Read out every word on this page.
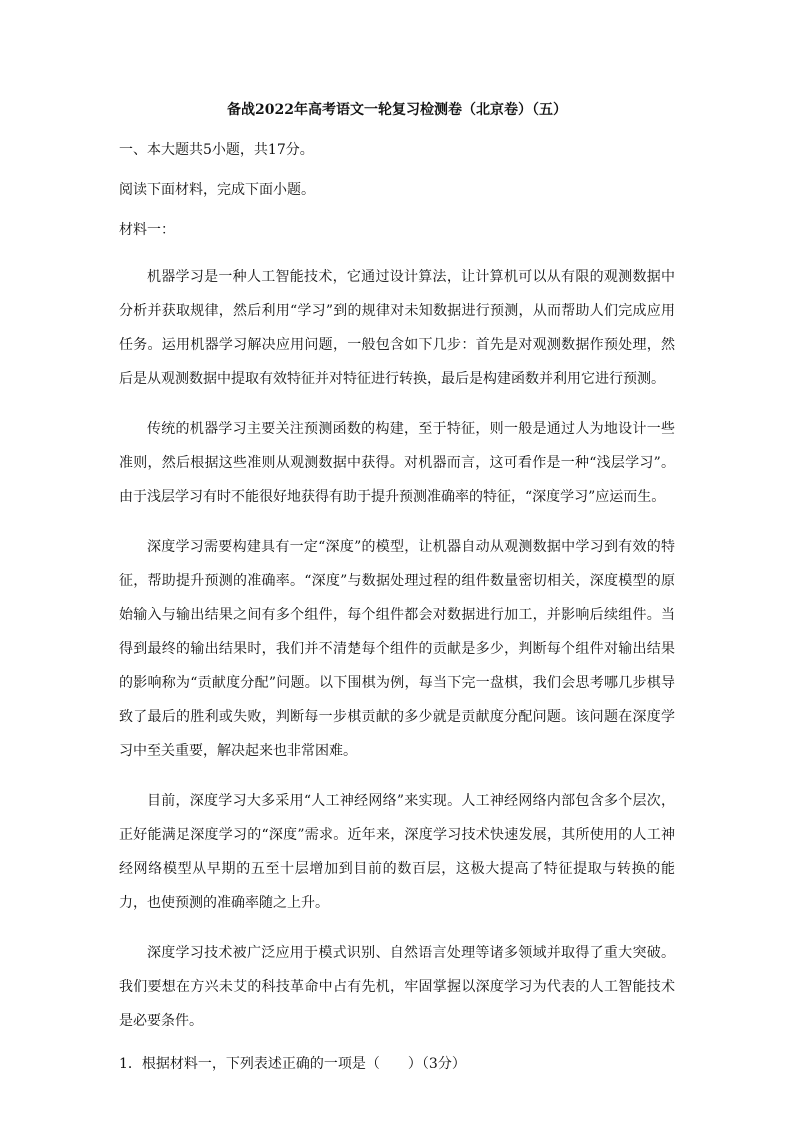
备战2022年高考语文一轮复习检测卷（北京卷）（五）
一、本大题共5小题，共17分。
阅读下面材料，完成下面小题。
材料一：

机器学习是一种人工智能技术，它通过设计算法，让计算机可以从有限的观测数据中分析并获取规律，然后利用“学习”到的规律对未知数据进行预测，从而帮助人们完成应用任务。运用机器学习解决应用问题，一般包含如下几步：首先是对观测数据作预处理，然后是从观测数据中提取有效特征并对特征进行转换，最后是构建函数并利用它进行预测。

传统的机器学习主要关注预测函数的构建，至于特征，则一般是通过人为地设计一些准则，然后根据这些准则从观测数据中获得。对机器而言，这可看作是一种“浅层学习”。由于浅层学习有时不能很好地获得有助于提升预测准确率的特征，“深度学习”应运而生。

深度学习需要构建具有一定“深度”的模型，让机器自动从观测数据中学习到有效的特征，帮助提升预测的准确率。“深度”与数据处理过程的组件数量密切相关，深度模型的原始输入与输出结果之间有多个组件，每个组件都会对数据进行加工，并影响后续组件。当得到最终的输出结果时，我们并不清楚每个组件的贡献是多少，判断每个组件对输出结果的影响称为“贡献度分配”问题。以下围棋为例，每当下完一盘棋，我们会思考哪几步棋导致了最后的胜利或失败，判断每一步棋贡献的多少就是贡献度分配问题。该问题在深度学习中至关重要，解决起来也非常困难。

目前，深度学习大多采用“人工神经网络”来实现。人工神经网络内部包含多个层次，正好能满足深度学习的“深度”需求。近年来，深度学习技术快速发展，其所使用的人工神经网络模型从早期的五至十层增加到目前的数百层，这极大提高了特征提取与转换的能力，也使预测的准确率随之上升。

深度学习技术被广泛应用于模式识别、自然语言处理等诸多领域并取得了重大突破。我们要想在方兴未艾的科技革命中占有先机，牢固掌握以深度学习为代表的人工智能技术是必要条件。

1．根据材料一，下列表述正确的一项是（　　）（3分）
